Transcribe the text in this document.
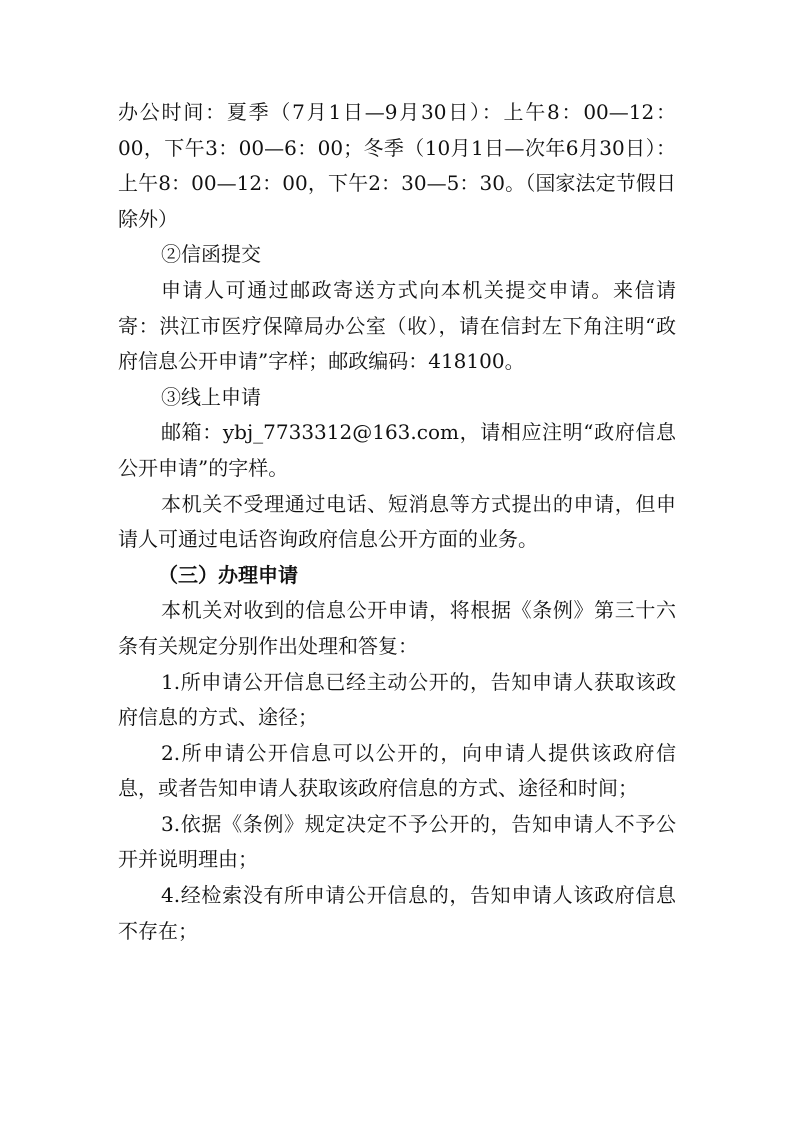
办公时间：夏季（7月1日—9月30日）：上午8：00—12：00，下午3：00—6：00；冬季（10月1日—次年6月30日）：上午8：00—12：00，下午2：30—5：30。（国家法定节假日除外）

②信函提交

申请人可通过邮政寄送方式向本机关提交申请。来信请寄：洪江市医疗保障局办公室（收），请在信封左下角注明“政府信息公开申请”字样；邮政编码：418100。

③线上申请

邮箱：ybj_7733312@163.com，请相应注明“政府信息公开申请”的字样。

本机关不受理通过电话、短消息等方式提出的申请，但申请人可通过电话咨询政府信息公开方面的业务。

（三）办理申请

本机关对收到的信息公开申请，将根据《条例》第三十六条有关规定分别作出处理和答复：

1.所申请公开信息已经主动公开的，告知申请人获取该政府信息的方式、途径；

2.所申请公开信息可以公开的，向申请人提供该政府信息，或者告知申请人获取该政府信息的方式、途径和时间；

3.依据《条例》规定决定不予公开的，告知申请人不予公开并说明理由；

4.经检索没有所申请公开信息的，告知申请人该政府信息不存在；
